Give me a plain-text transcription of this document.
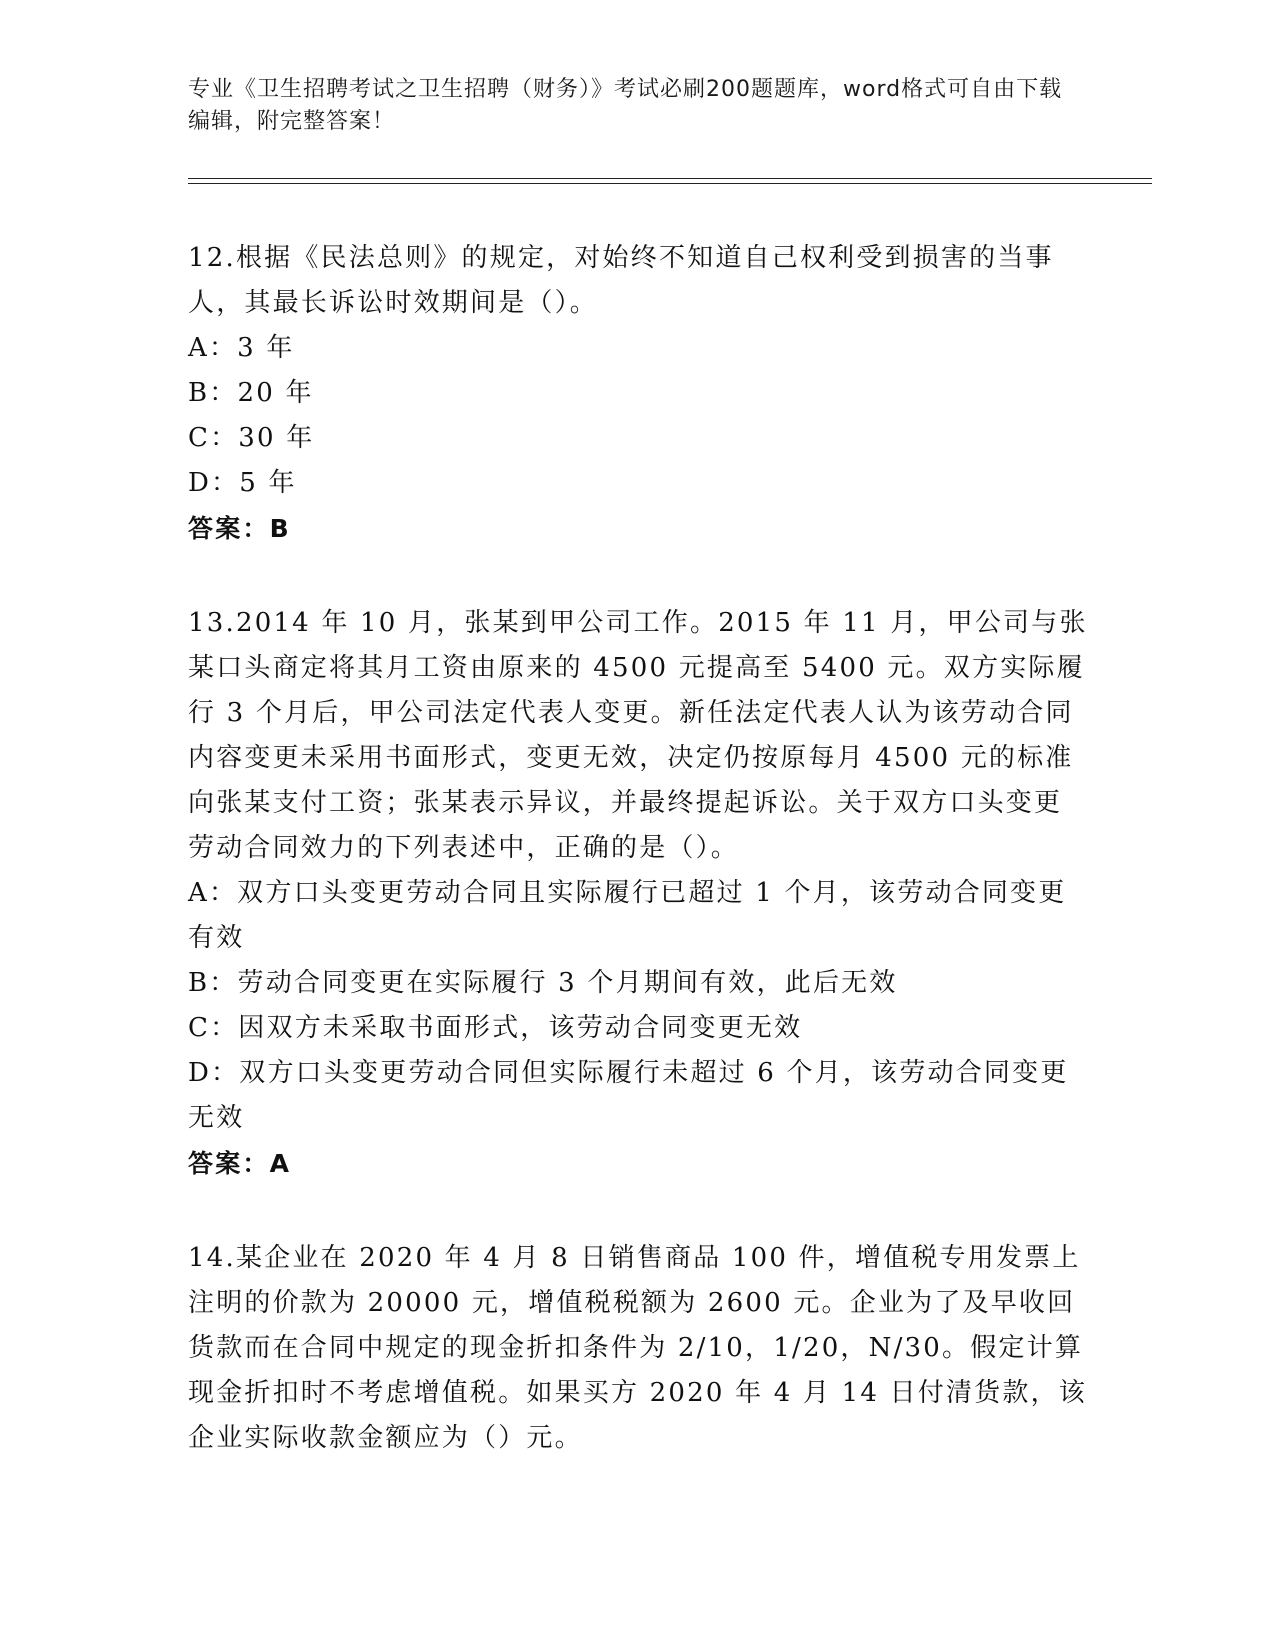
专业《卫生招聘考试之卫生招聘（财务）》考试必刷200题题库，word格式可自由下载编辑，附完整答案！

12.根据《民法总则》的规定，对始终不知道自己权利受到损害的当事人，其最长诉讼时效期间是（）。

A：3 年

B：20 年

C：30 年

D：5 年

答案：B

13.2014 年 10 月，张某到甲公司工作。2015 年 11 月，甲公司与张某口头商定将其月工资由原来的 4500 元提高至 5400 元。双方实际履行 3 个月后，甲公司法定代表人变更。新任法定代表人认为该劳动合同内容变更未采用书面形式，变更无效，决定仍按原每月 4500 元的标准向张某支付工资；张某表示异议，并最终提起诉讼。关于双方口头变更劳动合同效力的下列表述中，正确的是（）。

A：双方口头变更劳动合同且实际履行已超过 1 个月，该劳动合同变更有效

B：劳动合同变更在实际履行 3 个月期间有效，此后无效

C：因双方未采取书面形式，该劳动合同变更无效

D：双方口头变更劳动合同但实际履行未超过 6 个月，该劳动合同变更无效

答案：A

14.某企业在 2020 年 4 月 8 日销售商品 100 件，增值税专用发票上注明的价款为 20000 元，增值税税额为 2600 元。企业为了及早收回货款而在合同中规定的现金折扣条件为 2/10，1/20，N/30。假定计算现金折扣时不考虑增值税。如果买方 2020 年 4 月 14 日付清货款，该企业实际收款金额应为（）元。
